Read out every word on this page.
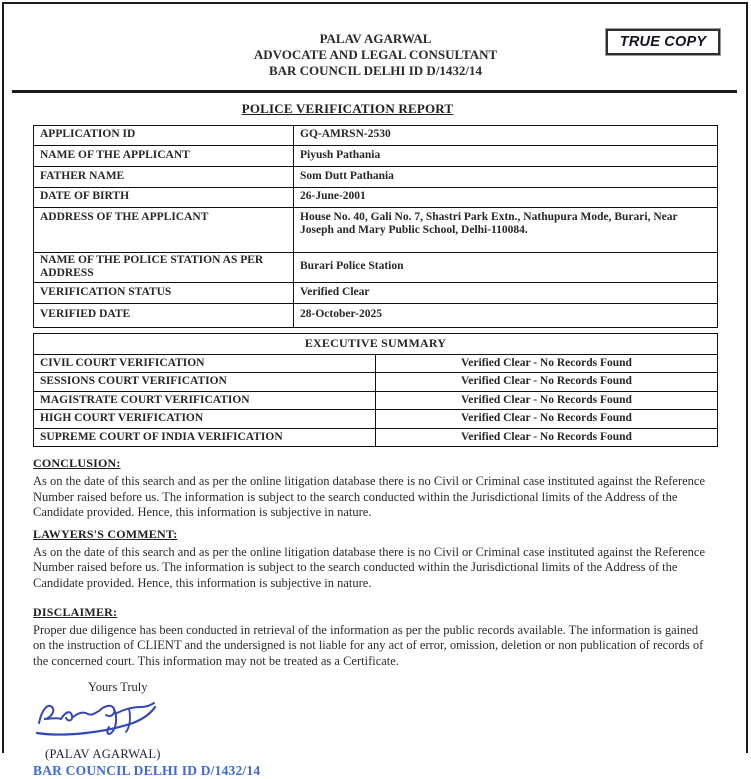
TRUE COPY
PALAV AGARWAL
ADVOCATE AND LEGAL CONSULTANT
BAR COUNCIL DELHI ID D/1432/14
POLICE VERIFICATION REPORT
APPLICATION ID	GQ-AMRSN-2530
NAME OF THE APPLICANT	Piyush Pathania
FATHER NAME	Som Dutt Pathania
DATE OF BIRTH	26-June-2001
ADDRESS OF THE APPLICANT	House No. 40, Gali No. 7, Shastri Park Extn., Nathupura Mode, Burari, Near Joseph and Mary Public School, Delhi-110084.
NAME OF THE POLICE STATION AS PER ADDRESS	Burari Police Station
VERIFICATION STATUS	Verified Clear
VERIFIED DATE	28-October-2025
EXECUTIVE SUMMARY	
CIVIL COURT VERIFICATION	Verified Clear - No Records Found
SESSIONS COURT VERIFICATION	Verified Clear - No Records Found
MAGISTRATE COURT VERIFICATION	Verified Clear - No Records Found
HIGH COURT VERIFICATION	Verified Clear - No Records Found
SUPREME COURT OF INDIA VERIFICATION	Verified Clear - No Records Found
CONCLUSION:
As on the date of this search and as per the online litigation database there is no Civil or Criminal case instituted against the Reference Number raised before us. The information is subject to the search conducted within the Jurisdictional limits of the Address of the Candidate provided. Hence, this information is subjective in nature.
LAWYERS'S COMMENT:
As on the date of this search and as per the online litigation database there is no Civil or Criminal case instituted against the Reference Number raised before us. The information is subject to the search conducted within the Jurisdictional limits of the Address of the Candidate provided. Hence, this information is subjective in nature.
DISCLAIMER:
Proper due diligence has been conducted in retrieval of the information as per the public records available. The information is gained on the instruction of CLIENT and the undersigned is not liable for any act of error, omission, deletion or non publication of records of the concerned court. This information may not be treated as a Certificate.
Yours Truly
(PALAV AGARWAL)
BAR COUNCIL DELHI ID D/1432/14
